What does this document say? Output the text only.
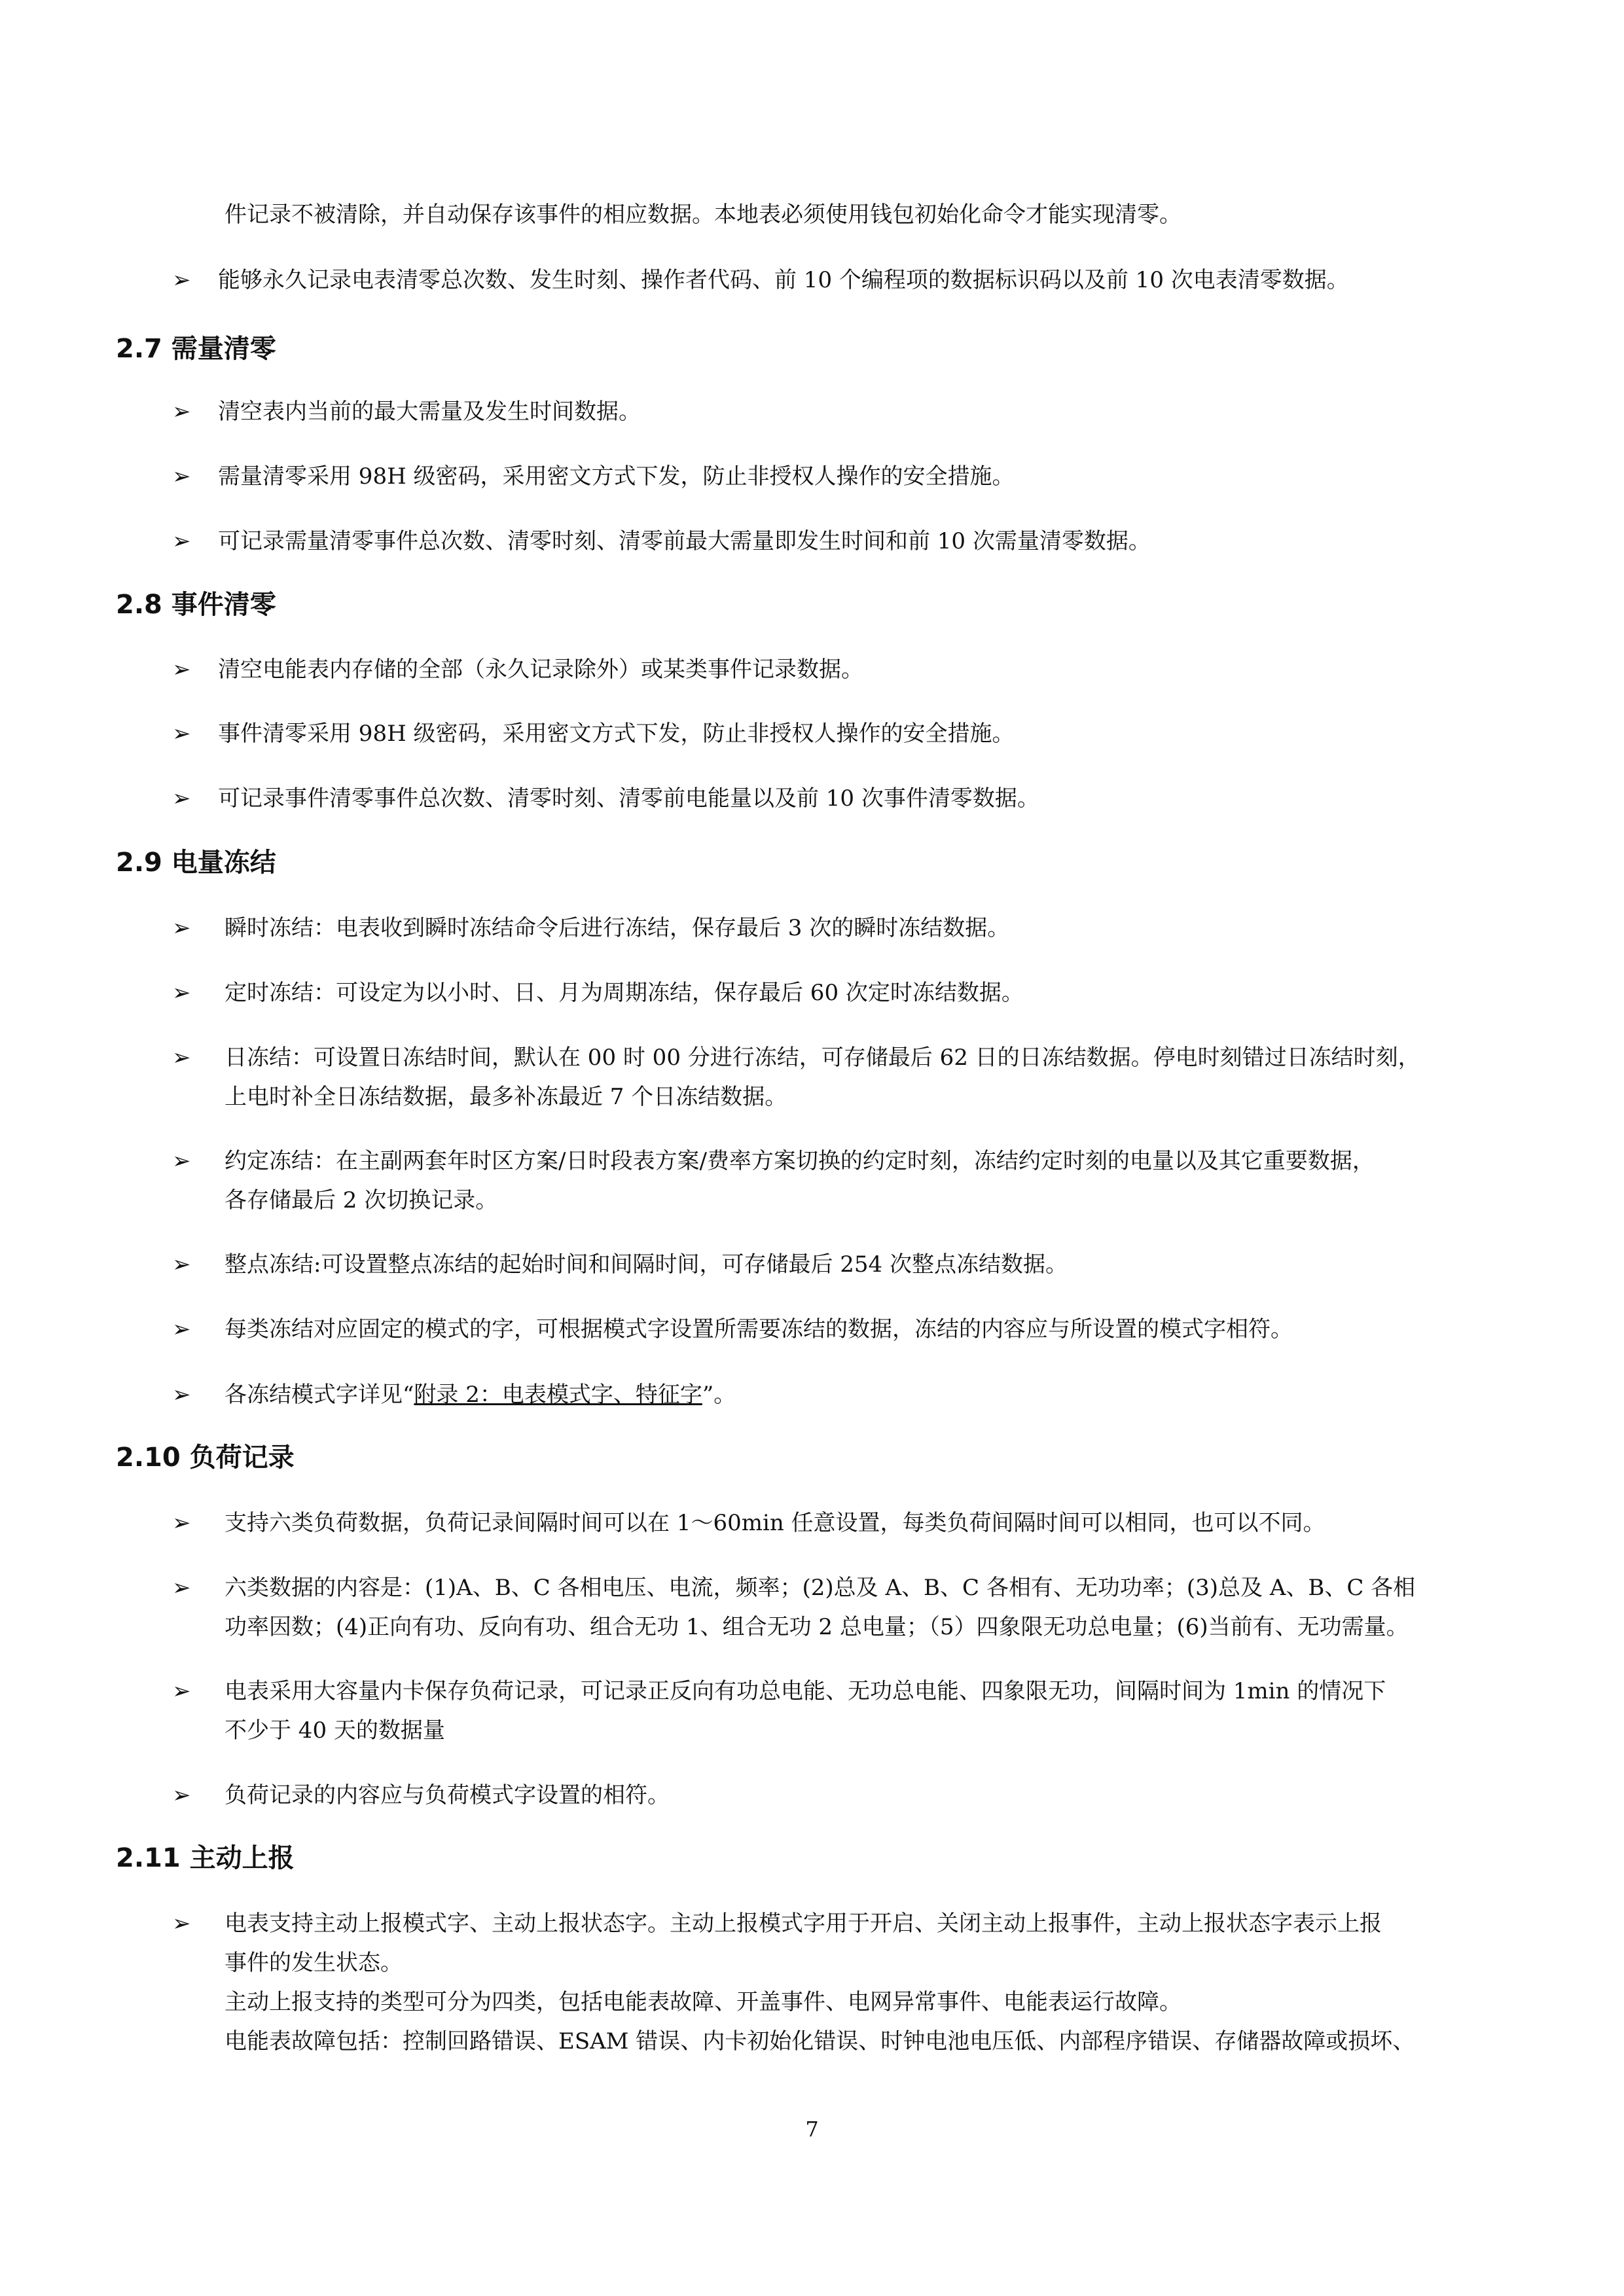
件记录不被清除，并自动保存该事件的相应数据。本地表必须使用钱包初始化命令才能实现清零。
➢	能够永久记录电表清零总次数、发生时刻、操作者代码、前 10 个编程项的数据标识码以及前 10 次电表清零数据。
2.7 需量清零
➢	清空表内当前的最大需量及发生时间数据。
➢	需量清零采用 98H 级密码，采用密文方式下发，防止非授权人操作的安全措施。
➢	可记录需量清零事件总次数、清零时刻、清零前最大需量即发生时间和前 10 次需量清零数据。
2.8 事件清零
➢	清空电能表内存储的全部（永久记录除外）或某类事件记录数据。
➢	事件清零采用 98H 级密码，采用密文方式下发，防止非授权人操作的安全措施。
➢	可记录事件清零事件总次数、清零时刻、清零前电能量以及前 10 次事件清零数据。
2.9 电量冻结
➢	瞬时冻结：电表收到瞬时冻结命令后进行冻结，保存最后 3 次的瞬时冻结数据。
➢	定时冻结：可设定为以小时、日、月为周期冻结，保存最后 60 次定时冻结数据。
➢	日冻结：可设置日冻结时间，默认在 00 时 00 分进行冻结，可存储最后 62 日的日冻结数据。停电时刻错过日冻结时刻，
上电时补全日冻结数据，最多补冻最近 7 个日冻结数据。
➢	约定冻结：在主副两套年时区方案/日时段表方案/费率方案切换的约定时刻，冻结约定时刻的电量以及其它重要数据，
各存储最后 2 次切换记录。
➢	整点冻结:可设置整点冻结的起始时间和间隔时间，可存储最后 254 次整点冻结数据。
➢	每类冻结对应固定的模式的字，可根据模式字设置所需要冻结的数据，冻结的内容应与所设置的模式字相符。
➢	各冻结模式字详见“附录 2：电表模式字、特征字”。
2.10 负荷记录
➢	支持六类负荷数据，负荷记录间隔时间可以在 1～60min 任意设置，每类负荷间隔时间可以相同，也可以不同。
➢	六类数据的内容是：(1)A、B、C 各相电压、电流，频率；(2)总及 A、B、C 各相有、无功功率；(3)总及 A、B、C 各相
功率因数；(4)正向有功、反向有功、组合无功 1、组合无功 2 总电量；（5）四象限无功总电量；(6)当前有、无功需量。
➢	电表采用大容量内卡保存负荷记录，可记录正反向有功总电能、无功总电能、四象限无功，间隔时间为 1min 的情况下
不少于 40 天的数据量
➢	负荷记录的内容应与负荷模式字设置的相符。
2.11 主动上报
➢	电表支持主动上报模式字、主动上报状态字。主动上报模式字用于开启、关闭主动上报事件，主动上报状态字表示上报
事件的发生状态。
主动上报支持的类型可分为四类，包括电能表故障、开盖事件、电网异常事件、电能表运行故障。
电能表故障包括：控制回路错误、ESAM 错误、内卡初始化错误、时钟电池电压低、内部程序错误、存储器故障或损坏、
7
